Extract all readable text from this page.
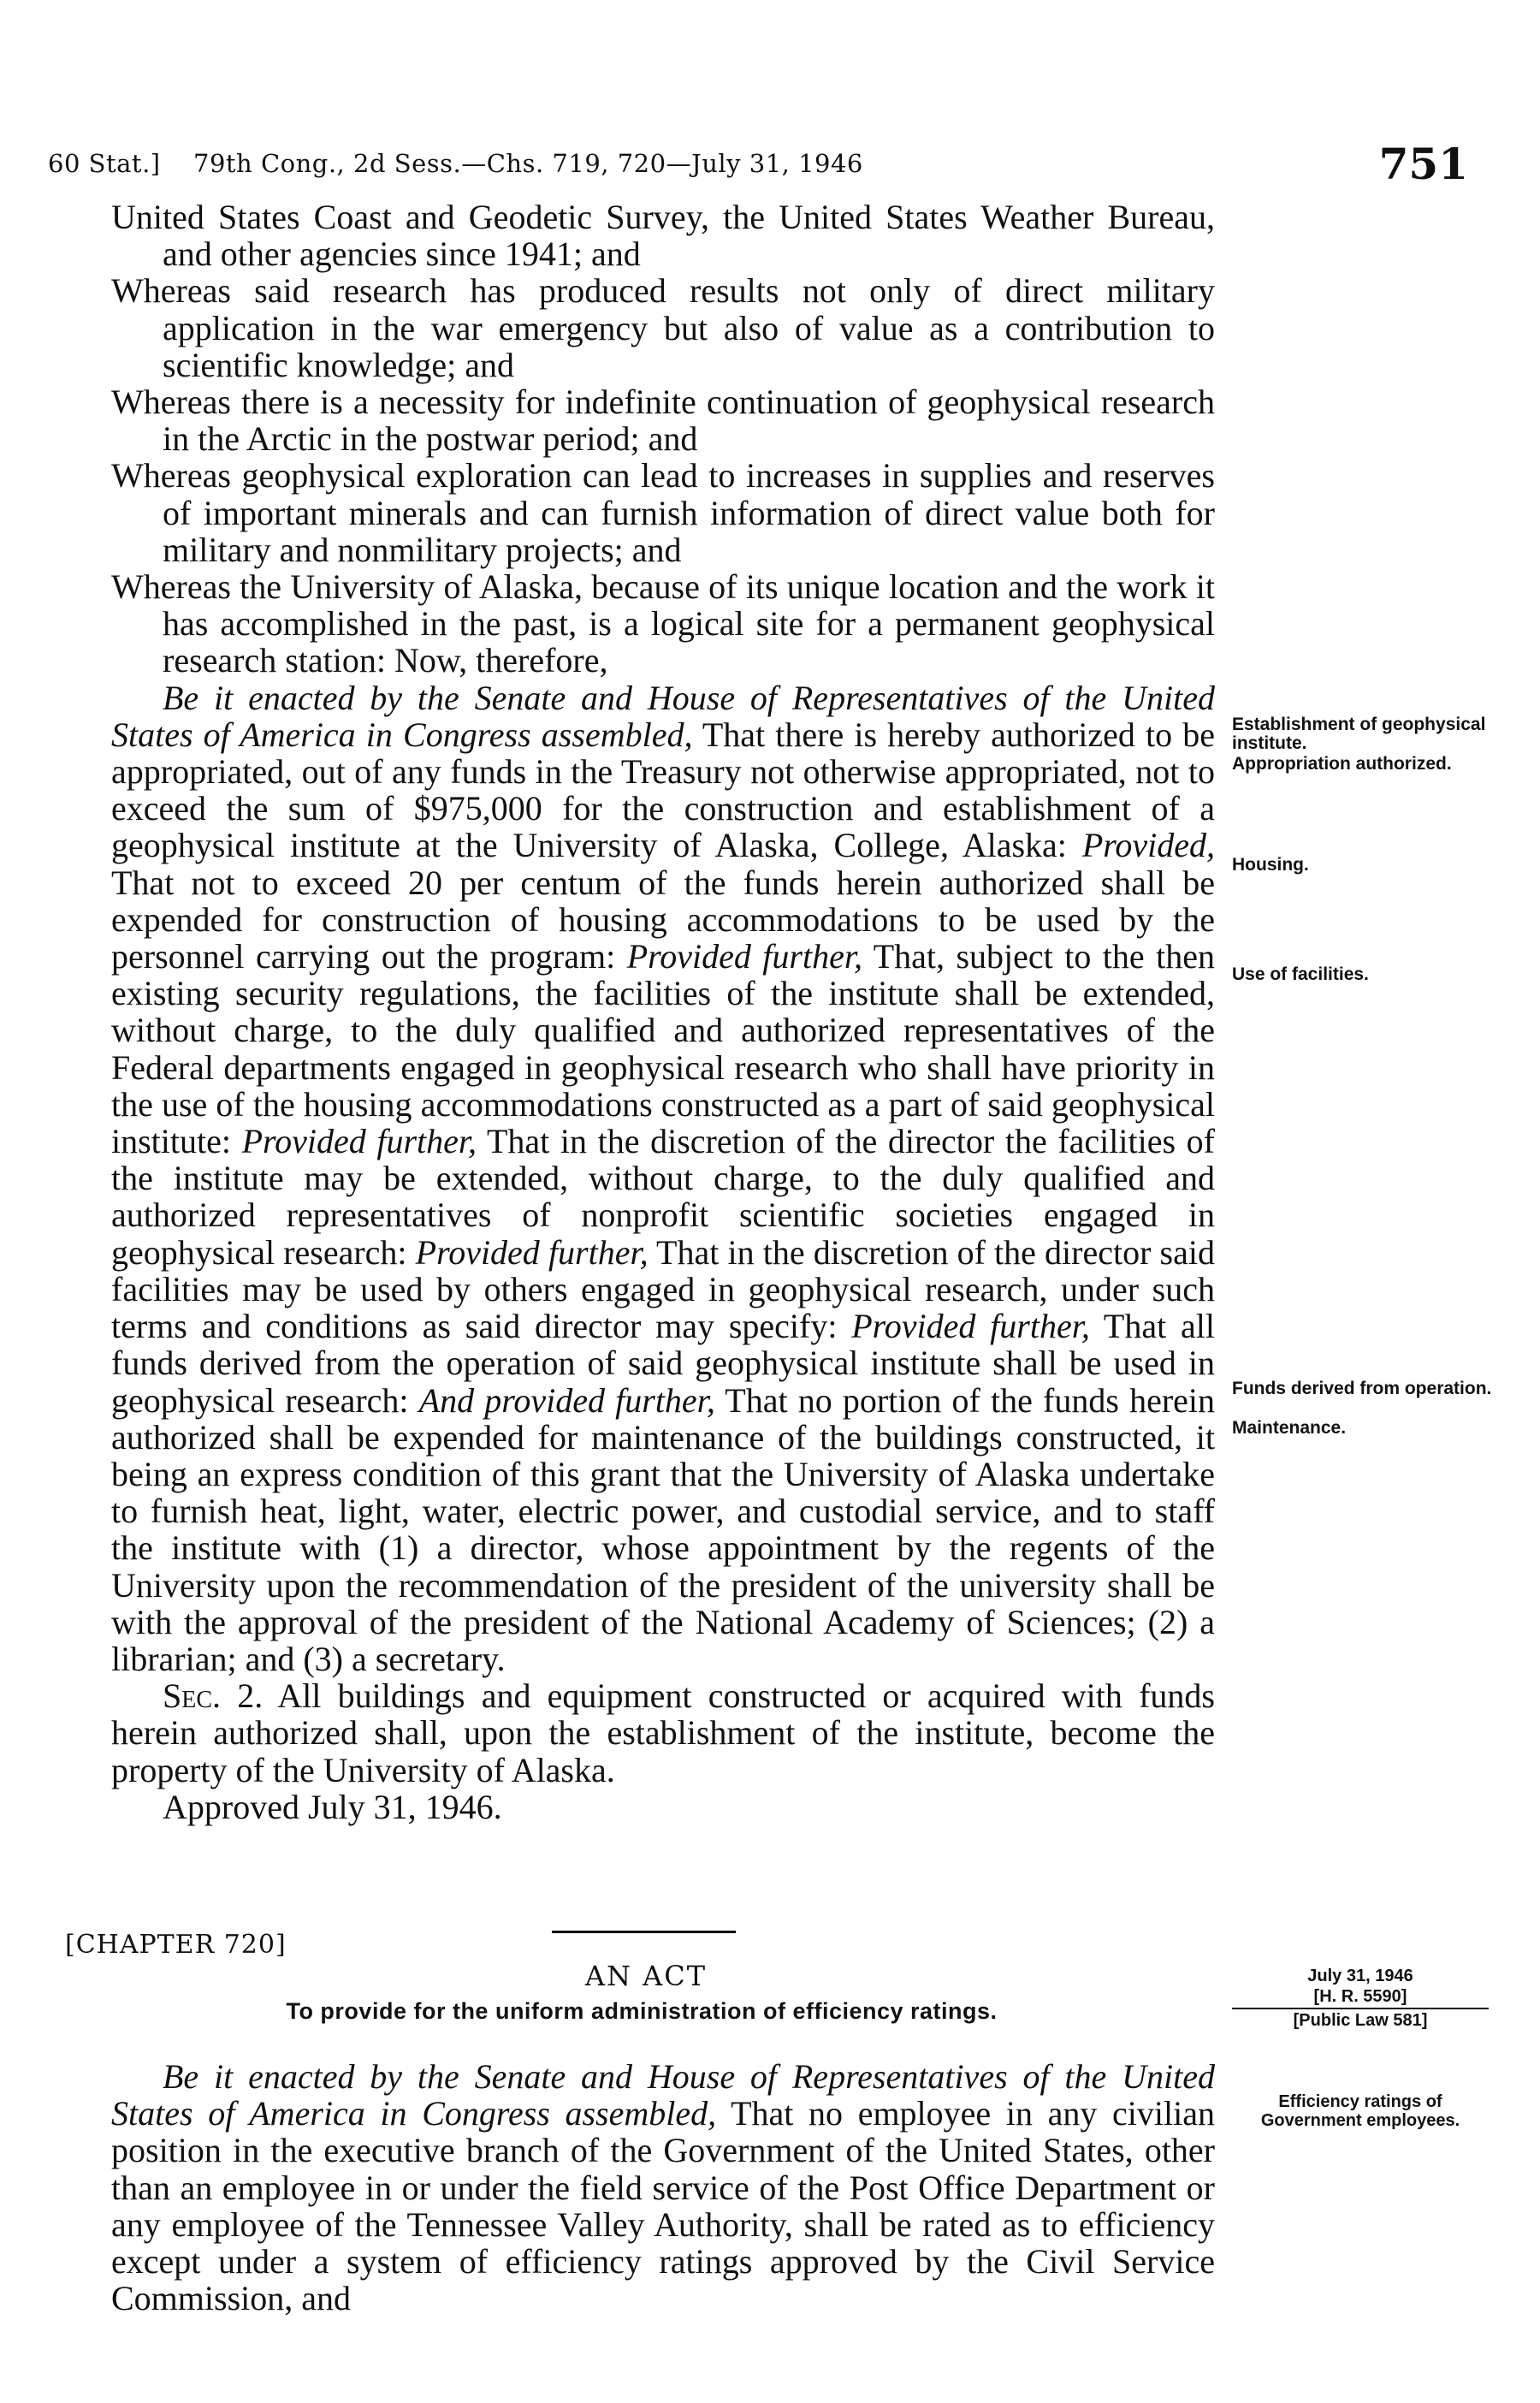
60 Stat.] 79th Cong., 2d Sess.—Chs. 719, 720—July 31, 1946	751

United States Coast and Geodetic Survey, the United States Weather Bureau, and other agencies since 1941; and

Whereas said research has produced results not only of direct military application in the war emergency but also of value as a contribution to scientific knowledge; and

Whereas there is a necessity for indefinite continuation of geophysical research in the Arctic in the postwar period; and

Whereas geophysical exploration can lead to increases in supplies and reserves of important minerals and can furnish information of direct value both for military and nonmilitary projects; and

Whereas the University of Alaska, because of its unique location and the work it has accomplished in the past, is a logical site for a permanent geophysical research station: Now, therefore,

Be it enacted by the Senate and House of Representatives of the United States of America in Congress assembled, That there is hereby authorized to be appropriated, out of any funds in the Treasury not otherwise appropriated, not to exceed the sum of $975,000 for the construction and establishment of a geophysical institute at the University of Alaska, College, Alaska: Provided, That not to exceed 20 per centum of the funds herein authorized shall be expended for construction of housing accommodations to be used by the personnel carrying out the program: Provided further, That, subject to the then existing security regulations, the facilities of the institute shall be extended, without charge, to the duly qualified and authorized representatives of the Federal departments engaged in geophysical research who shall have priority in the use of the housing accommodations constructed as a part of said geophysical institute: Provided further, That in the discretion of the director the facilities of the institute may be extended, without charge, to the duly qualified and authorized representatives of nonprofit scientific societies engaged in geophysical research: Provided further, That in the discretion of the director said facilities may be used by others engaged in geophysical research, under such terms and conditions as said director may specify: Provided further, That all funds derived from the operation of said geophysical institute shall be used in geophysical research: And provided further, That no portion of the funds herein authorized shall be expended for maintenance of the buildings constructed, it being an express condition of this grant that the University of Alaska undertake to furnish heat, light, water, electric power, and custodial service, and to staff the institute with (1) a director, whose appointment by the regents of the University upon the recommendation of the president of the university shall be with the approval of the president of the National Academy of Sciences; (2) a librarian; and (3) a secretary.

Sec. 2. All buildings and equipment constructed or acquired with funds herein authorized shall, upon the establishment of the institute, become the property of the University of Alaska.

Approved July 31, 1946.

Establishment of geophysical institute.
Appropriation authorized.
Housing.
Use of facilities.
Funds derived from operation.
Maintenance.
[CHAPTER 720]
AN ACT
To provide for the uniform administration of efficiency ratings.
July 31, 1946
[H. R. 5590]
[Public Law 581]
Efficiency ratings of Government employees.

Be it enacted by the Senate and House of Representatives of the United States of America in Congress assembled, That no employee in any civilian position in the executive branch of the Government of the United States, other than an employee in or under the field service of the Post Office Department or any employee of the Tennessee Valley Authority, shall be rated as to efficiency except under a system of efficiency ratings approved by the Civil Service Commission, and
